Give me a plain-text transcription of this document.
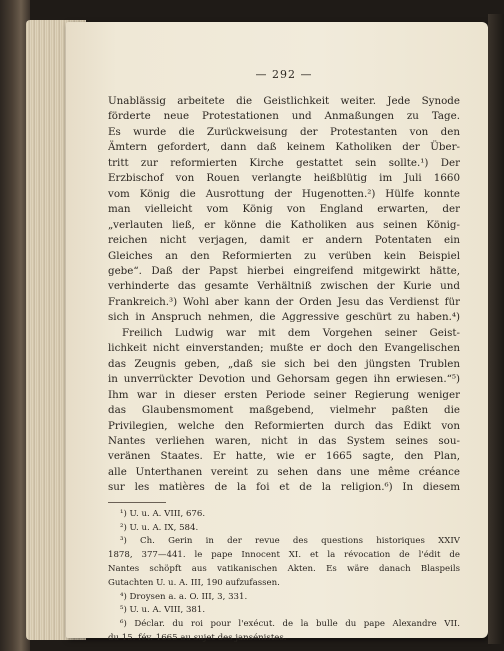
— 292 —

Unablässig arbeitete die Geistlichkeit weiter. Jede Synode

förderte neue Protestationen und Anmaßungen zu Tage.

Es wurde die Zurückweisung der Protestanten von den

Ämtern gefordert, dann daß keinem Katholiken der Über-

tritt zur reformierten Kirche gestattet sein sollte.¹) Der

Erzbischof von Rouen verlangte heißblütig im Juli 1660

vom König die Ausrottung der Hugenotten.²) Hülfe konnte

man vielleicht vom König von England erwarten, der

„verlauten ließ, er könne die Katholiken aus seinen König-

reichen nicht verjagen, damit er andern Potentaten ein

Gleiches an den Reformierten zu verüben kein Beispiel

gebe“. Daß der Papst hierbei eingreifend mitgewirkt hätte,

verhinderte das gesamte Verhältniß zwischen der Kurie und

Frankreich.³) Wohl aber kann der Orden Jesu das Verdienst für

sich in Anspruch nehmen, die Aggressive geschürt zu haben.⁴)

Freilich Ludwig war mit dem Vorgehen seiner Geist-

lichkeit nicht einverstanden; mußte er doch den Evangelischen

das Zeugnis geben, „daß sie sich bei den jüngsten Trublen

in unverrückter Devotion und Gehorsam gegen ihn erwiesen.“⁵)

Ihm war in dieser ersten Periode seiner Regierung weniger

das Glaubensmoment maßgebend, vielmehr paßten die

Privilegien, welche den Reformierten durch das Edikt von

Nantes verliehen waren, nicht in das System seines sou-

veränen Staates. Er hatte, wie er 1665 sagte, den Plan,

alle Unterthanen vereint zu sehen dans une même créance

sur les matières de la foi et de la religion.⁶) In diesem

¹) U. u. A. VIII, 676.

²) U. u. A. IX, 584.

³) Ch. Gerin in der revue des questions historiques XXIV

1878, 377—441. le pape Innocent XI. et la révocation de l'édit de

Nantes schöpft aus vatikanischen Akten. Es wäre danach Blaspeils

Gutachten U. u. A. III, 190 aufzufassen.

⁴) Droysen a. a. O. III, 3, 331.

⁵) U. u. A. VIII, 381.

⁶) Déclar. du roi pour l'exécut. de la bulle du pape Alexandre VII.

du 15. fév. 1665 au sujet des jansénistes.
